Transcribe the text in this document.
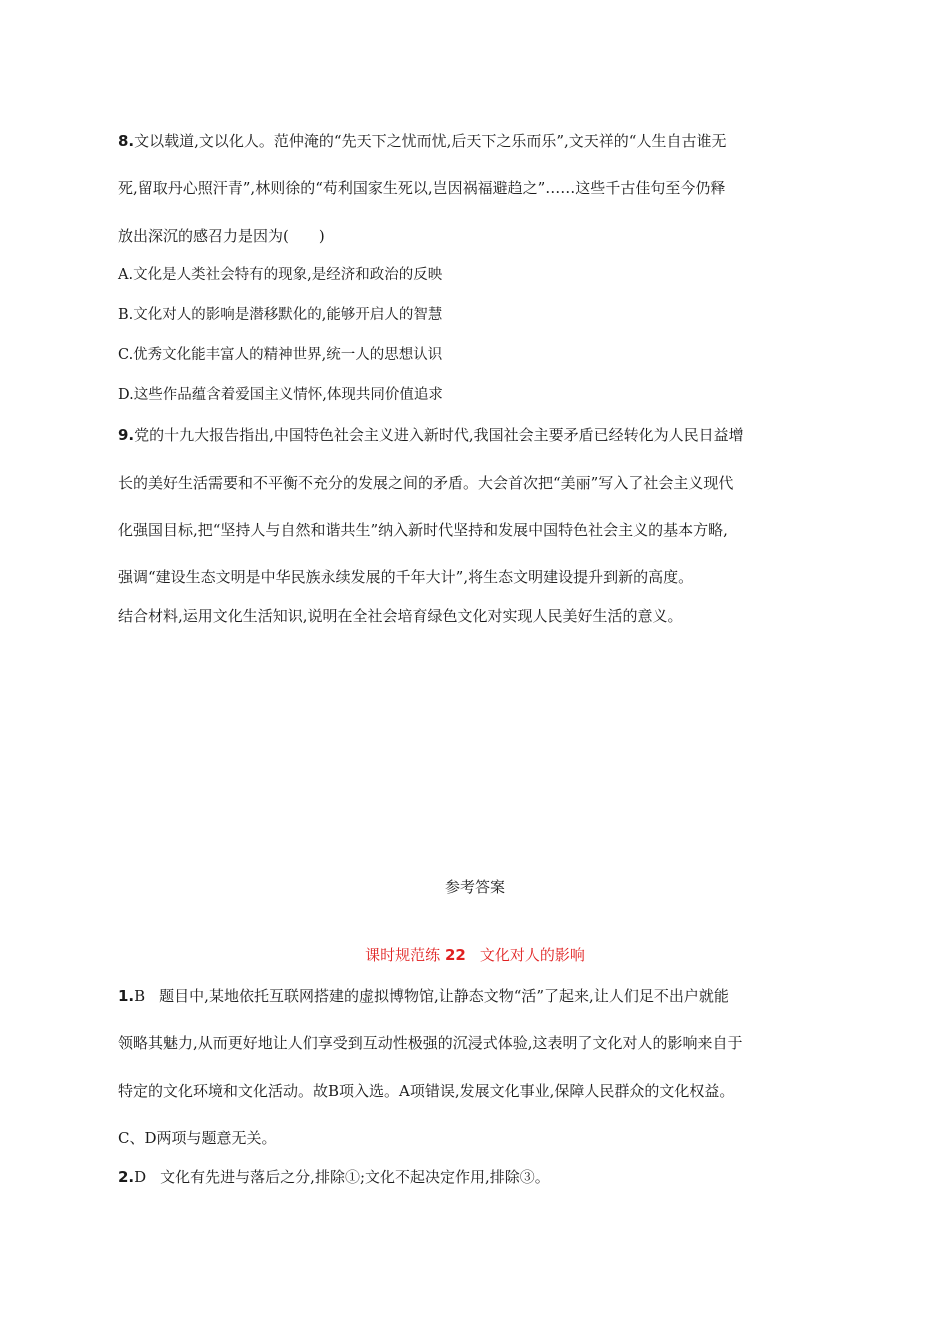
8.文以载道,文以化人。范仲淹的“先天下之忧而忧,后天下之乐而乐”,文天祥的“人生自古谁无
死,留取丹心照汗青”,林则徐的“苟利国家生死以,岂因祸福避趋之”……这些千古佳句至今仍释
放出深沉的感召力是因为(　　)
A.文化是人类社会特有的现象,是经济和政治的反映
B.文化对人的影响是潜移默化的,能够开启人的智慧
C.优秀文化能丰富人的精神世界,统一人的思想认识
D.这些作品蕴含着爱国主义情怀,体现共同价值追求
9.党的十九大报告指出,中国特色社会主义进入新时代,我国社会主要矛盾已经转化为人民日益增
长的美好生活需要和不平衡不充分的发展之间的矛盾。大会首次把“美丽”写入了社会主义现代
化强国目标,把“坚持人与自然和谐共生”纳入新时代坚持和发展中国特色社会主义的基本方略,
强调“建设生态文明是中华民族永续发展的千年大计”,将生态文明建设提升到新的高度。
结合材料,运用文化生活知识,说明在全社会培育绿色文化对实现人民美好生活的意义。
参考答案
课时规范练 22 文化对人的影响
1.B 题目中,某地依托互联网搭建的虚拟博物馆,让静态文物“活”了起来,让人们足不出户就能
领略其魅力,从而更好地让人们享受到互动性极强的沉浸式体验,这表明了文化对人的影响来自于
特定的文化环境和文化活动。故B项入选。A项错误,发展文化事业,保障人民群众的文化权益。
C、D两项与题意无关。
2.D 文化有先进与落后之分,排除①;文化不起决定作用,排除③。
